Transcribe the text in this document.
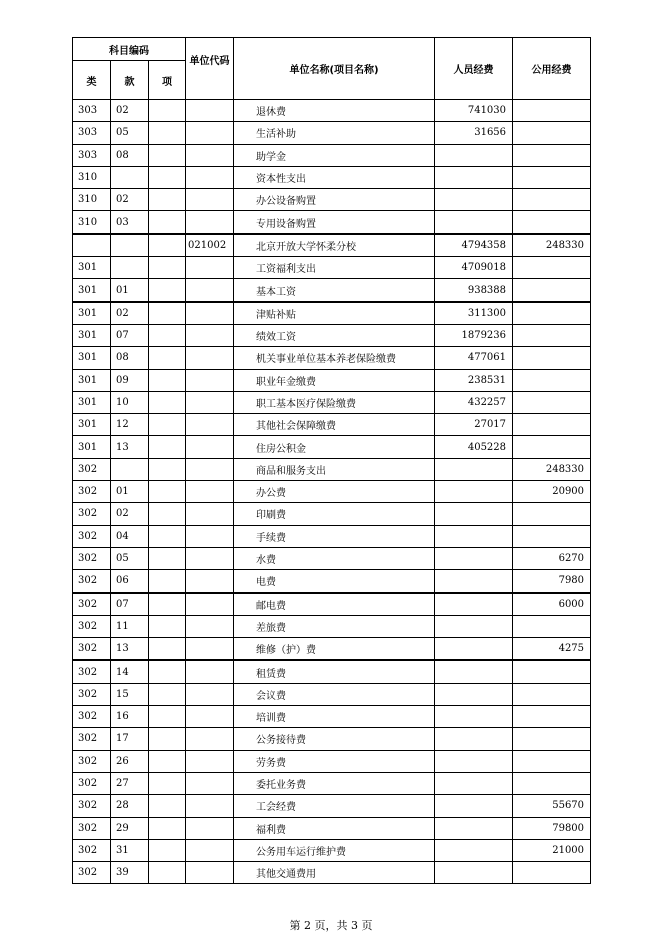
科目编码			单位代码	单位名称(项目名称)	人员经费	公用经费
类	款	项				
303	02			退休费	741030	
303	05			生活补助	31656	
303	08			助学金		
310				资本性支出		
310	02			办公设备购置		
310	03			专用设备购置		
			021002	北京开放大学怀柔分校	4794358	248330
301				工资福利支出	4709018	
301	01			基本工资	938388	
301	02			津贴补贴	311300	
301	07			绩效工资	1879236	
301	08			机关事业单位基本养老保险缴费	477061	
301	09			职业年金缴费	238531	
301	10			职工基本医疗保险缴费	432257	
301	12			其他社会保障缴费	27017	
301	13			住房公积金	405228	
302				商品和服务支出		248330
302	01			办公费		20900
302	02			印刷费		
302	04			手续费		
302	05			水费		6270
302	06			电费		7980
302	07			邮电费		6000
302	11			差旅费		
302	13			维修（护）费		4275
302	14			租赁费		
302	15			会议费		
302	16			培训费		
302	17			公务接待费		
302	26			劳务费		
302	27			委托业务费		
302	28			工会经费		55670
302	29			福利费		79800
302	31			公务用车运行维护费		21000
302	39			其他交通费用		
第 2 页，共 3 页
